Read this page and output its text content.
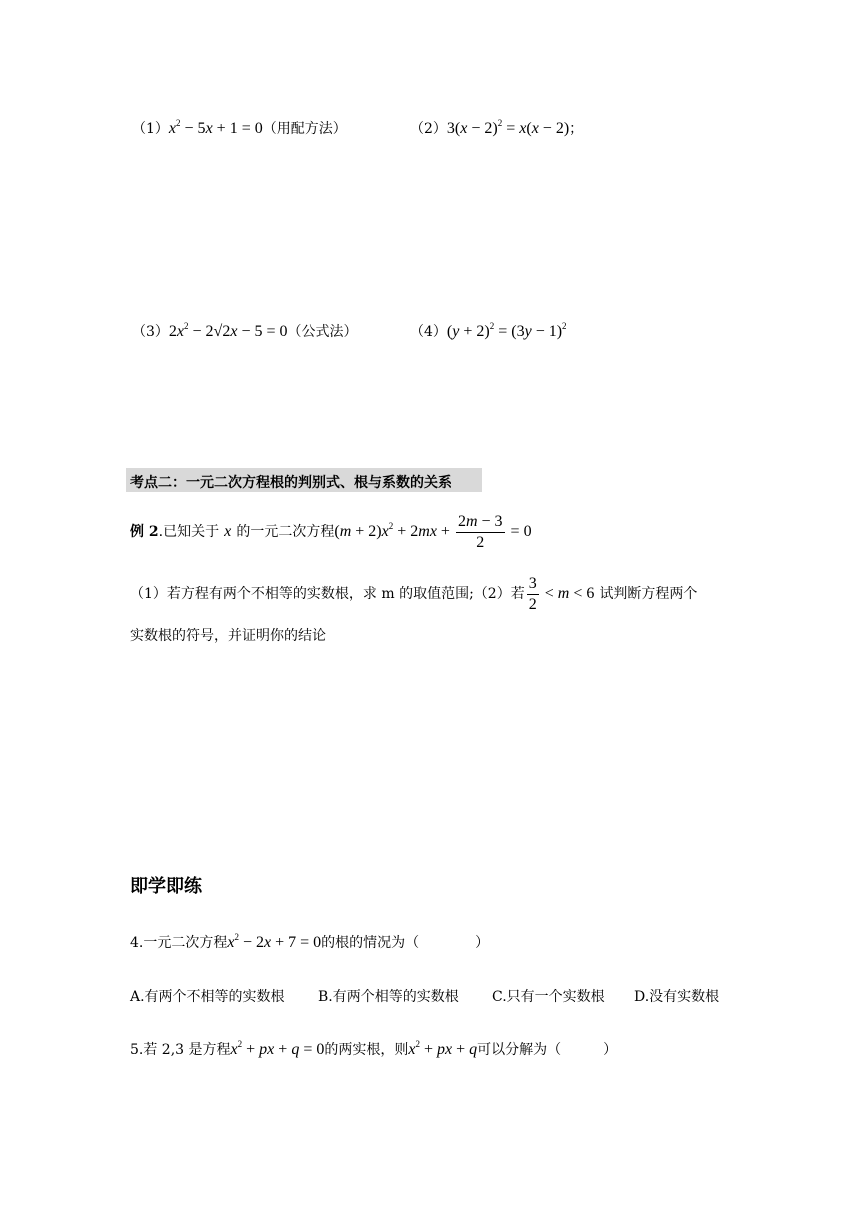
$(1)x^2 - 5x + 1 = 0$（用配方法）	$(2)3(x - 2)^2 = x(x - 2)$；
$(3)2x^2 - 2√2x - 5 = 0$（公式法）	$(4)(y + 2)^2 = (3y - 1)^2$
考点二：一元二次方程根的判别式、根与系数的关系
例 2.已知关于 x 的一元二次方程$(m + 2)x^2 + 2mx + \frac{2m - 3}{2} = 0$
（1）若方程有两个不相等的实数根，求 m 的取值范围;（2）若 $\frac{3}{2} < m < 6$ 试判断方程两个
实数根的符号，并证明你的结论
即学即练
4.一元二次方程$x^2 - 2x + 7 = 0$的根的情况为（　　　　）
A.有两个不相等的实数根 B.有两个相等的实数根 C.只有一个实数根 D.没有实数根
5.若 2,3 是方程$x^2$ + px + q = 0的两实根，则$x^2$ + px + q可以分解为（　　　）
